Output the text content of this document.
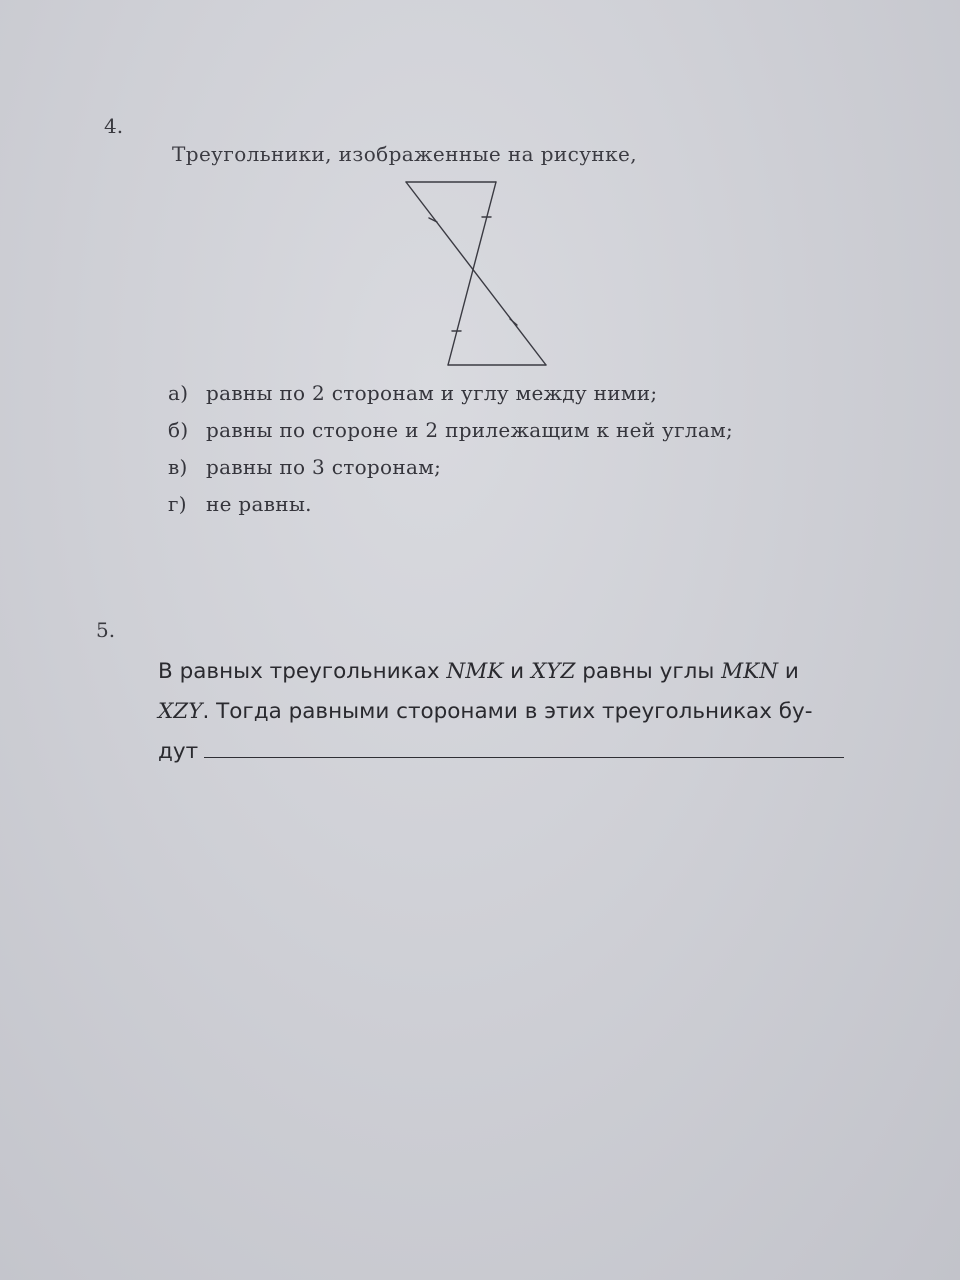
4.
Треугольники, изображенные на рисунке,
а) равны по 2 сторонам и углу между ними;
б) равны по стороне и 2 прилежащим к ней углам;
в) равны по 3 сторонам;
г) не равны.
5.
В равных треугольниках NMK и XYZ равны углы MKN и
XZY. Тогда равными сторонами в этих треугольниках бу-
дут
